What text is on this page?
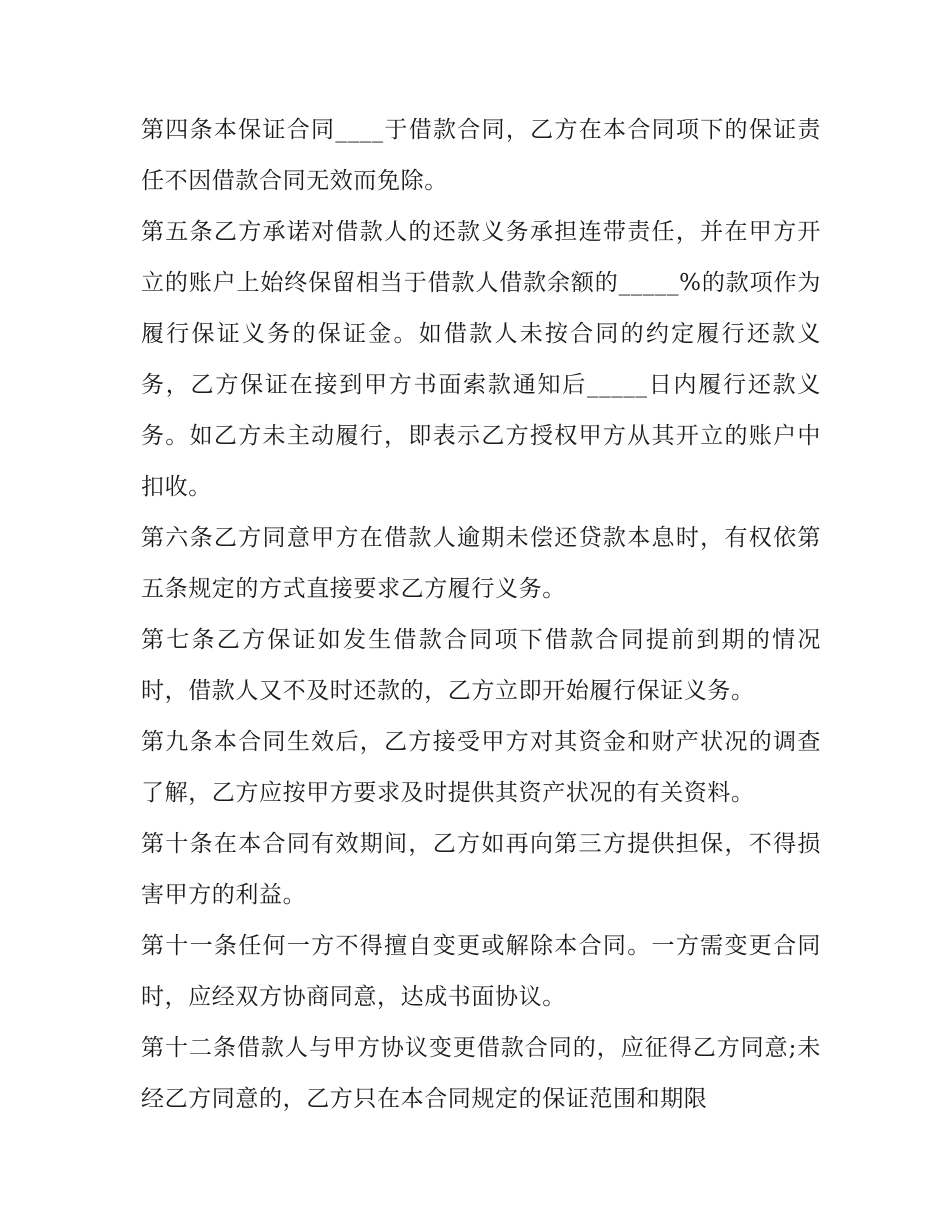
第四条本保证合同____于借款合同，乙方在本合同项下的保证责任不因借款合同无效而免除。

第五条乙方承诺对借款人的还款义务承担连带责任，并在甲方开立的账户上始终保留相当于借款人借款余额的_____%的款项作为履行保证义务的保证金。如借款人未按合同的约定履行还款义务，乙方保证在接到甲方书面索款通知后_____日内履行还款义务。如乙方未主动履行，即表示乙方授权甲方从其开立的账户中扣收。

第六条乙方同意甲方在借款人逾期未偿还贷款本息时，有权依第五条规定的方式直接要求乙方履行义务。

第七条乙方保证如发生借款合同项下借款合同提前到期的情况时，借款人又不及时还款的，乙方立即开始履行保证义务。

第九条本合同生效后，乙方接受甲方对其资金和财产状况的调查了解，乙方应按甲方要求及时提供其资产状况的有关资料。

第十条在本合同有效期间，乙方如再向第三方提供担保，不得损害甲方的利益。

第十一条任何一方不得擅自变更或解除本合同。一方需变更合同时，应经双方协商同意，达成书面协议。

第十二条借款人与甲方协议变更借款合同的，应征得乙方同意;未经乙方同意的，乙方只在本合同规定的保证范围和期限
